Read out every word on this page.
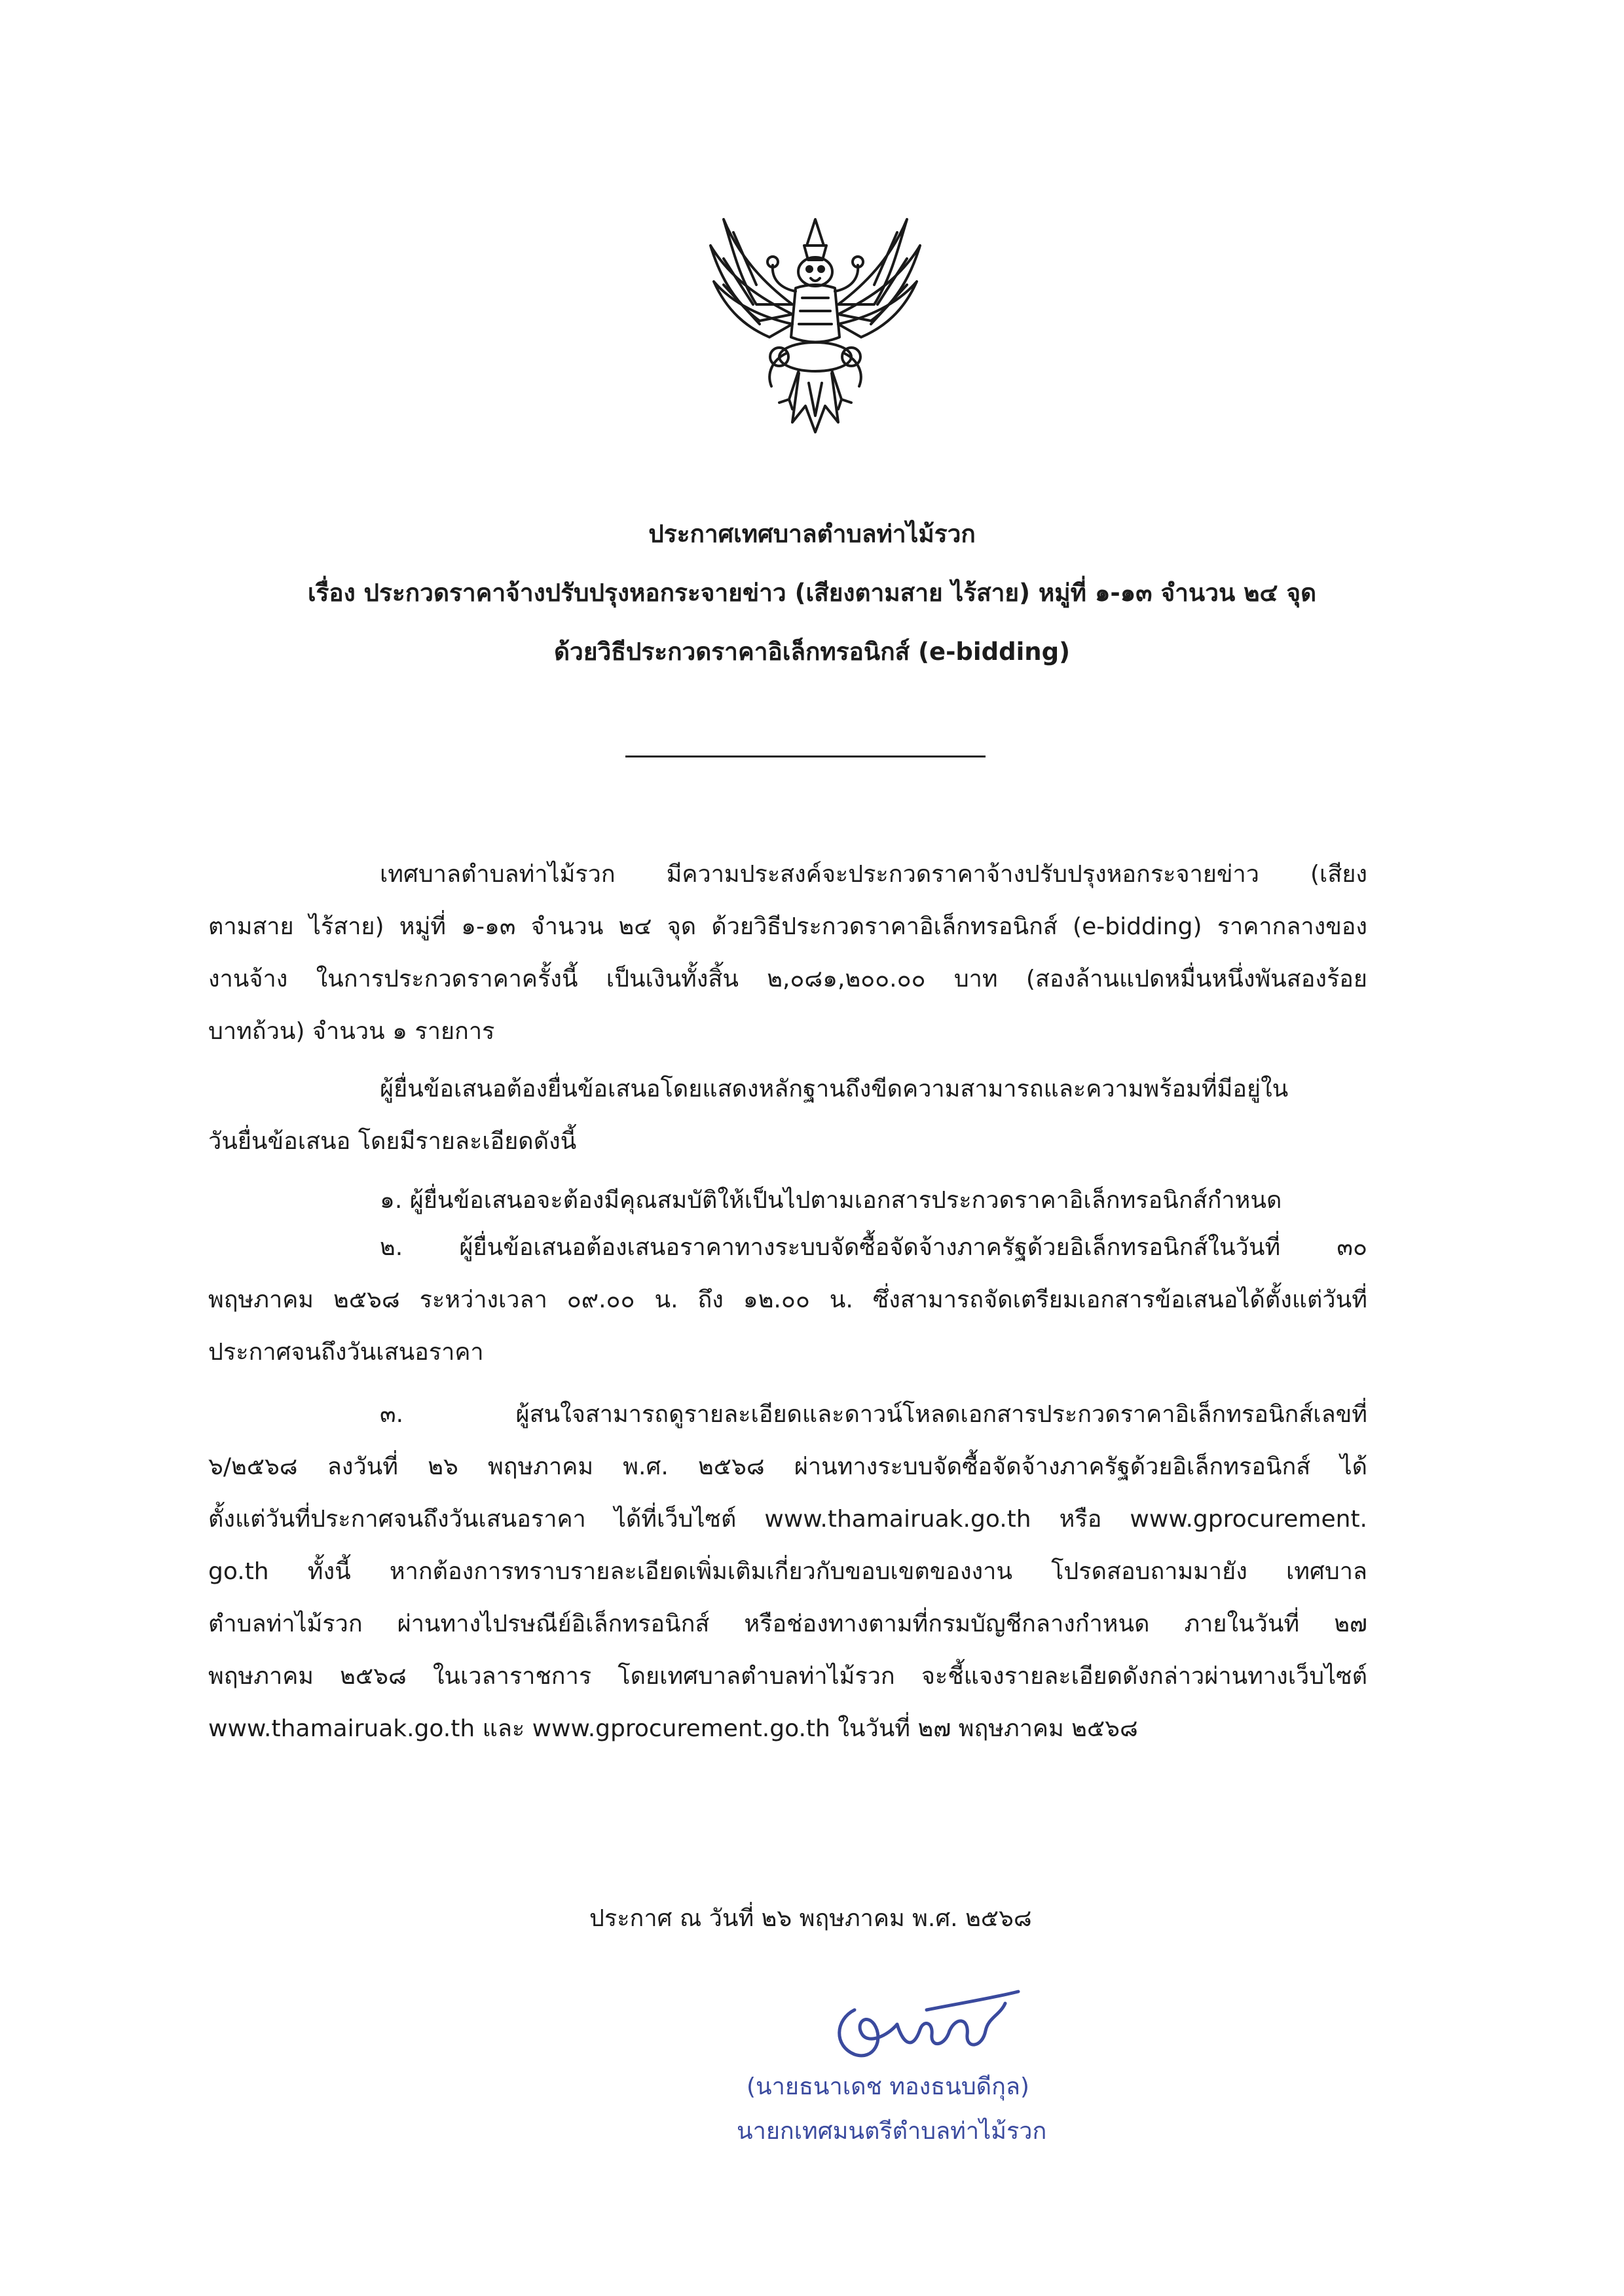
ประกาศเทศบาลตำบลท่าไม้รวก
เรื่อง ประกวดราคาจ้างปรับปรุงหอกระจายข่าว (เสียงตามสาย ไร้สาย) หมู่ที่ ๑-๑๓ จำนวน ๒๔ จุด
ด้วยวิธีประกวดราคาอิเล็กทรอนิกส์ (e-bidding)
เทศบาลตำบลท่าไม้รวก มีความประสงค์จะประกวดราคาจ้างปรับปรุงหอกระจายข่าว (เสียง
ตามสาย ไร้สาย) หมู่ที่ ๑-๑๓ จำนวน ๒๔ จุด ด้วยวิธีประกวดราคาอิเล็กทรอนิกส์ (e-bidding) ราคากลางของ
งานจ้าง ในการประกวดราคาครั้งนี้ เป็นเงินทั้งสิ้น ๒,๐๘๑,๒๐๐.๐๐ บาท (สองล้านแปดหมื่นหนึ่งพันสองร้อย
บาทถ้วน) จำนวน ๑ รายการ
ผู้ยื่นข้อเสนอต้องยื่นข้อเสนอโดยแสดงหลักฐานถึงขีดความสามารถและความพร้อมที่มีอยู่ใน
วันยื่นข้อเสนอ โดยมีรายละเอียดดังนี้
๑. ผู้ยื่นข้อเสนอจะต้องมีคุณสมบัติให้เป็นไปตามเอกสารประกวดราคาอิเล็กทรอนิกส์กำหนด
๒. ผู้ยื่นข้อเสนอต้องเสนอราคาทางระบบจัดซื้อจัดจ้างภาครัฐด้วยอิเล็กทรอนิกส์ในวันที่ ๓๐
พฤษภาคม ๒๕๖๘ ระหว่างเวลา ๐๙.๐๐ น. ถึง ๑๒.๐๐ น. ซึ่งสามารถจัดเตรียมเอกสารข้อเสนอได้ตั้งแต่วันที่
ประกาศจนถึงวันเสนอราคา
๓. ผู้สนใจสามารถดูรายละเอียดและดาวน์โหลดเอกสารประกวดราคาอิเล็กทรอนิกส์เลขที่
๖/๒๕๖๘ ลงวันที่ ๒๖ พฤษภาคม พ.ศ. ๒๕๖๘ ผ่านทางระบบจัดซื้อจัดจ้างภาครัฐด้วยอิเล็กทรอนิกส์ ได้
ตั้งแต่วันที่ประกาศจนถึงวันเสนอราคา ได้ที่เว็บไซต์ www.thamairuak.go.th หรือ www.gprocurement.
go.th ทั้งนี้ หากต้องการทราบรายละเอียดเพิ่มเติมเกี่ยวกับขอบเขตของงาน โปรดสอบถามมายัง เทศบาล
ตำบลท่าไม้รวก ผ่านทางไปรษณีย์อิเล็กทรอนิกส์ หรือช่องทางตามที่กรมบัญชีกลางกำหนด ภายในวันที่ ๒๗
พฤษภาคม ๒๕๖๘ ในเวลาราชการ โดยเทศบาลตำบลท่าไม้รวก จะชี้แจงรายละเอียดดังกล่าวผ่านทางเว็บไซต์
www.thamairuak.go.th และ www.gprocurement.go.th ในวันที่ ๒๗ พฤษภาคม ๒๕๖๘
ประกาศ ณ วันที่ ๒๖ พฤษภาคม พ.ศ. ๒๕๖๘
(นายธนาเดช ทองธนบดีกุล)
นายกเทศมนตรีตำบลท่าไม้รวก
